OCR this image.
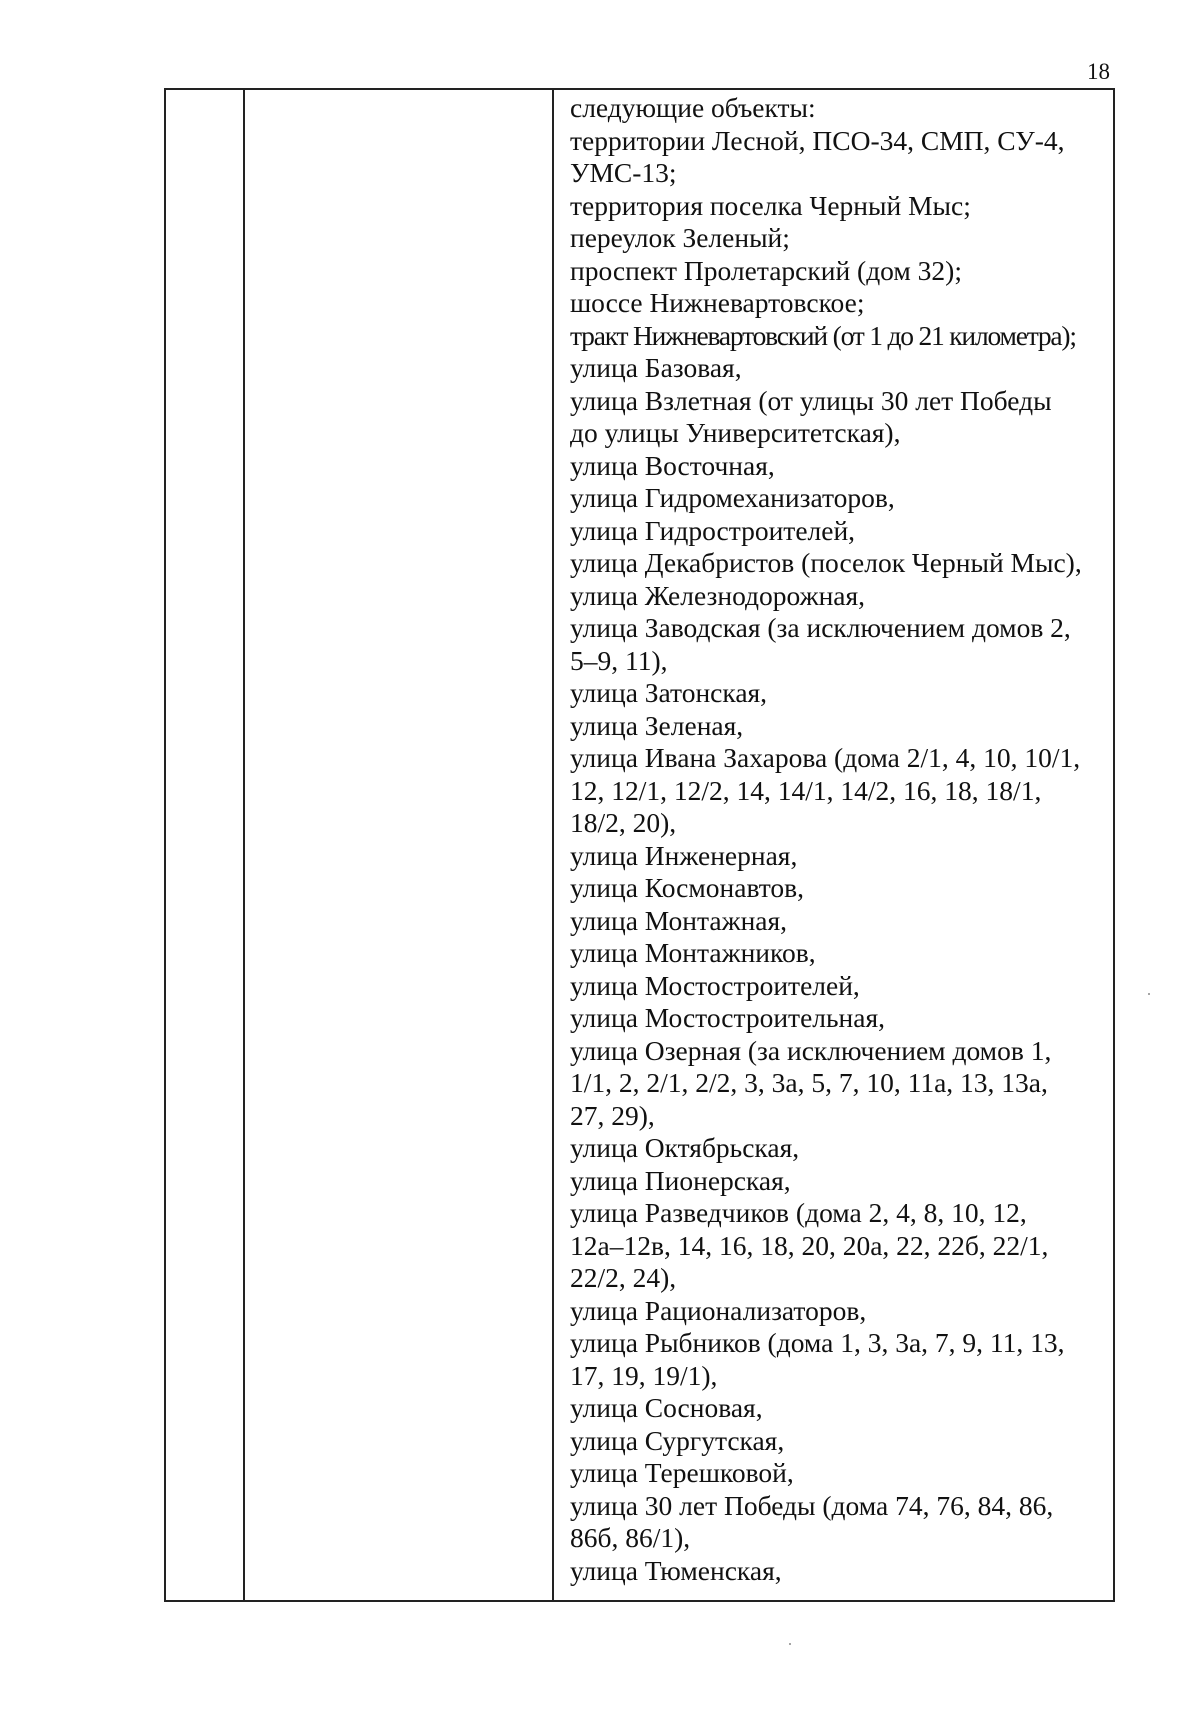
18
следующие объекты:
территории Лесной, ПСО-34, СМП, СУ-4,
УМС-13;
территория поселка Черный Мыс;
переулок Зеленый;
проспект Пролетарский (дом 32);
шоссе Нижневартовское;
тракт Нижневартовский (от 1 до 21 километра);
улица Базовая,
улица Взлетная (от улицы 30 лет Победы
до улицы Университетская),
улица Восточная,
улица Гидромеханизаторов,
улица Гидростроителей,
улица Декабристов (поселок Черный Мыс),
улица Железнодорожная,
улица Заводская (за исключением домов 2,
5–9, 11),
улица Затонская,
улица Зеленая,
улица Ивана Захарова (дома 2/1, 4, 10, 10/1,
12, 12/1, 12/2, 14, 14/1, 14/2, 16, 18, 18/1,
18/2, 20),
улица Инженерная,
улица Космонавтов,
улица Монтажная,
улица Монтажников,
улица Мостостроителей,
улица Мостостроительная,
улица Озерная (за исключением домов 1,
1/1, 2, 2/1, 2/2, 3, 3а, 5, 7, 10, 11а, 13, 13а,
27, 29),
улица Октябрьская,
улица Пионерская,
улица Разведчиков (дома 2, 4, 8, 10, 12,
12а–12в, 14, 16, 18, 20, 20а, 22, 22б, 22/1,
22/2, 24),
улица Рационализаторов,
улица Рыбников (дома 1, 3, 3а, 7, 9, 11, 13,
17, 19, 19/1),
улица Сосновая,
улица Сургутская,
улица Терешковой,
улица 30 лет Победы (дома 74, 76, 84, 86,
86б, 86/1),
улица Тюменская,
